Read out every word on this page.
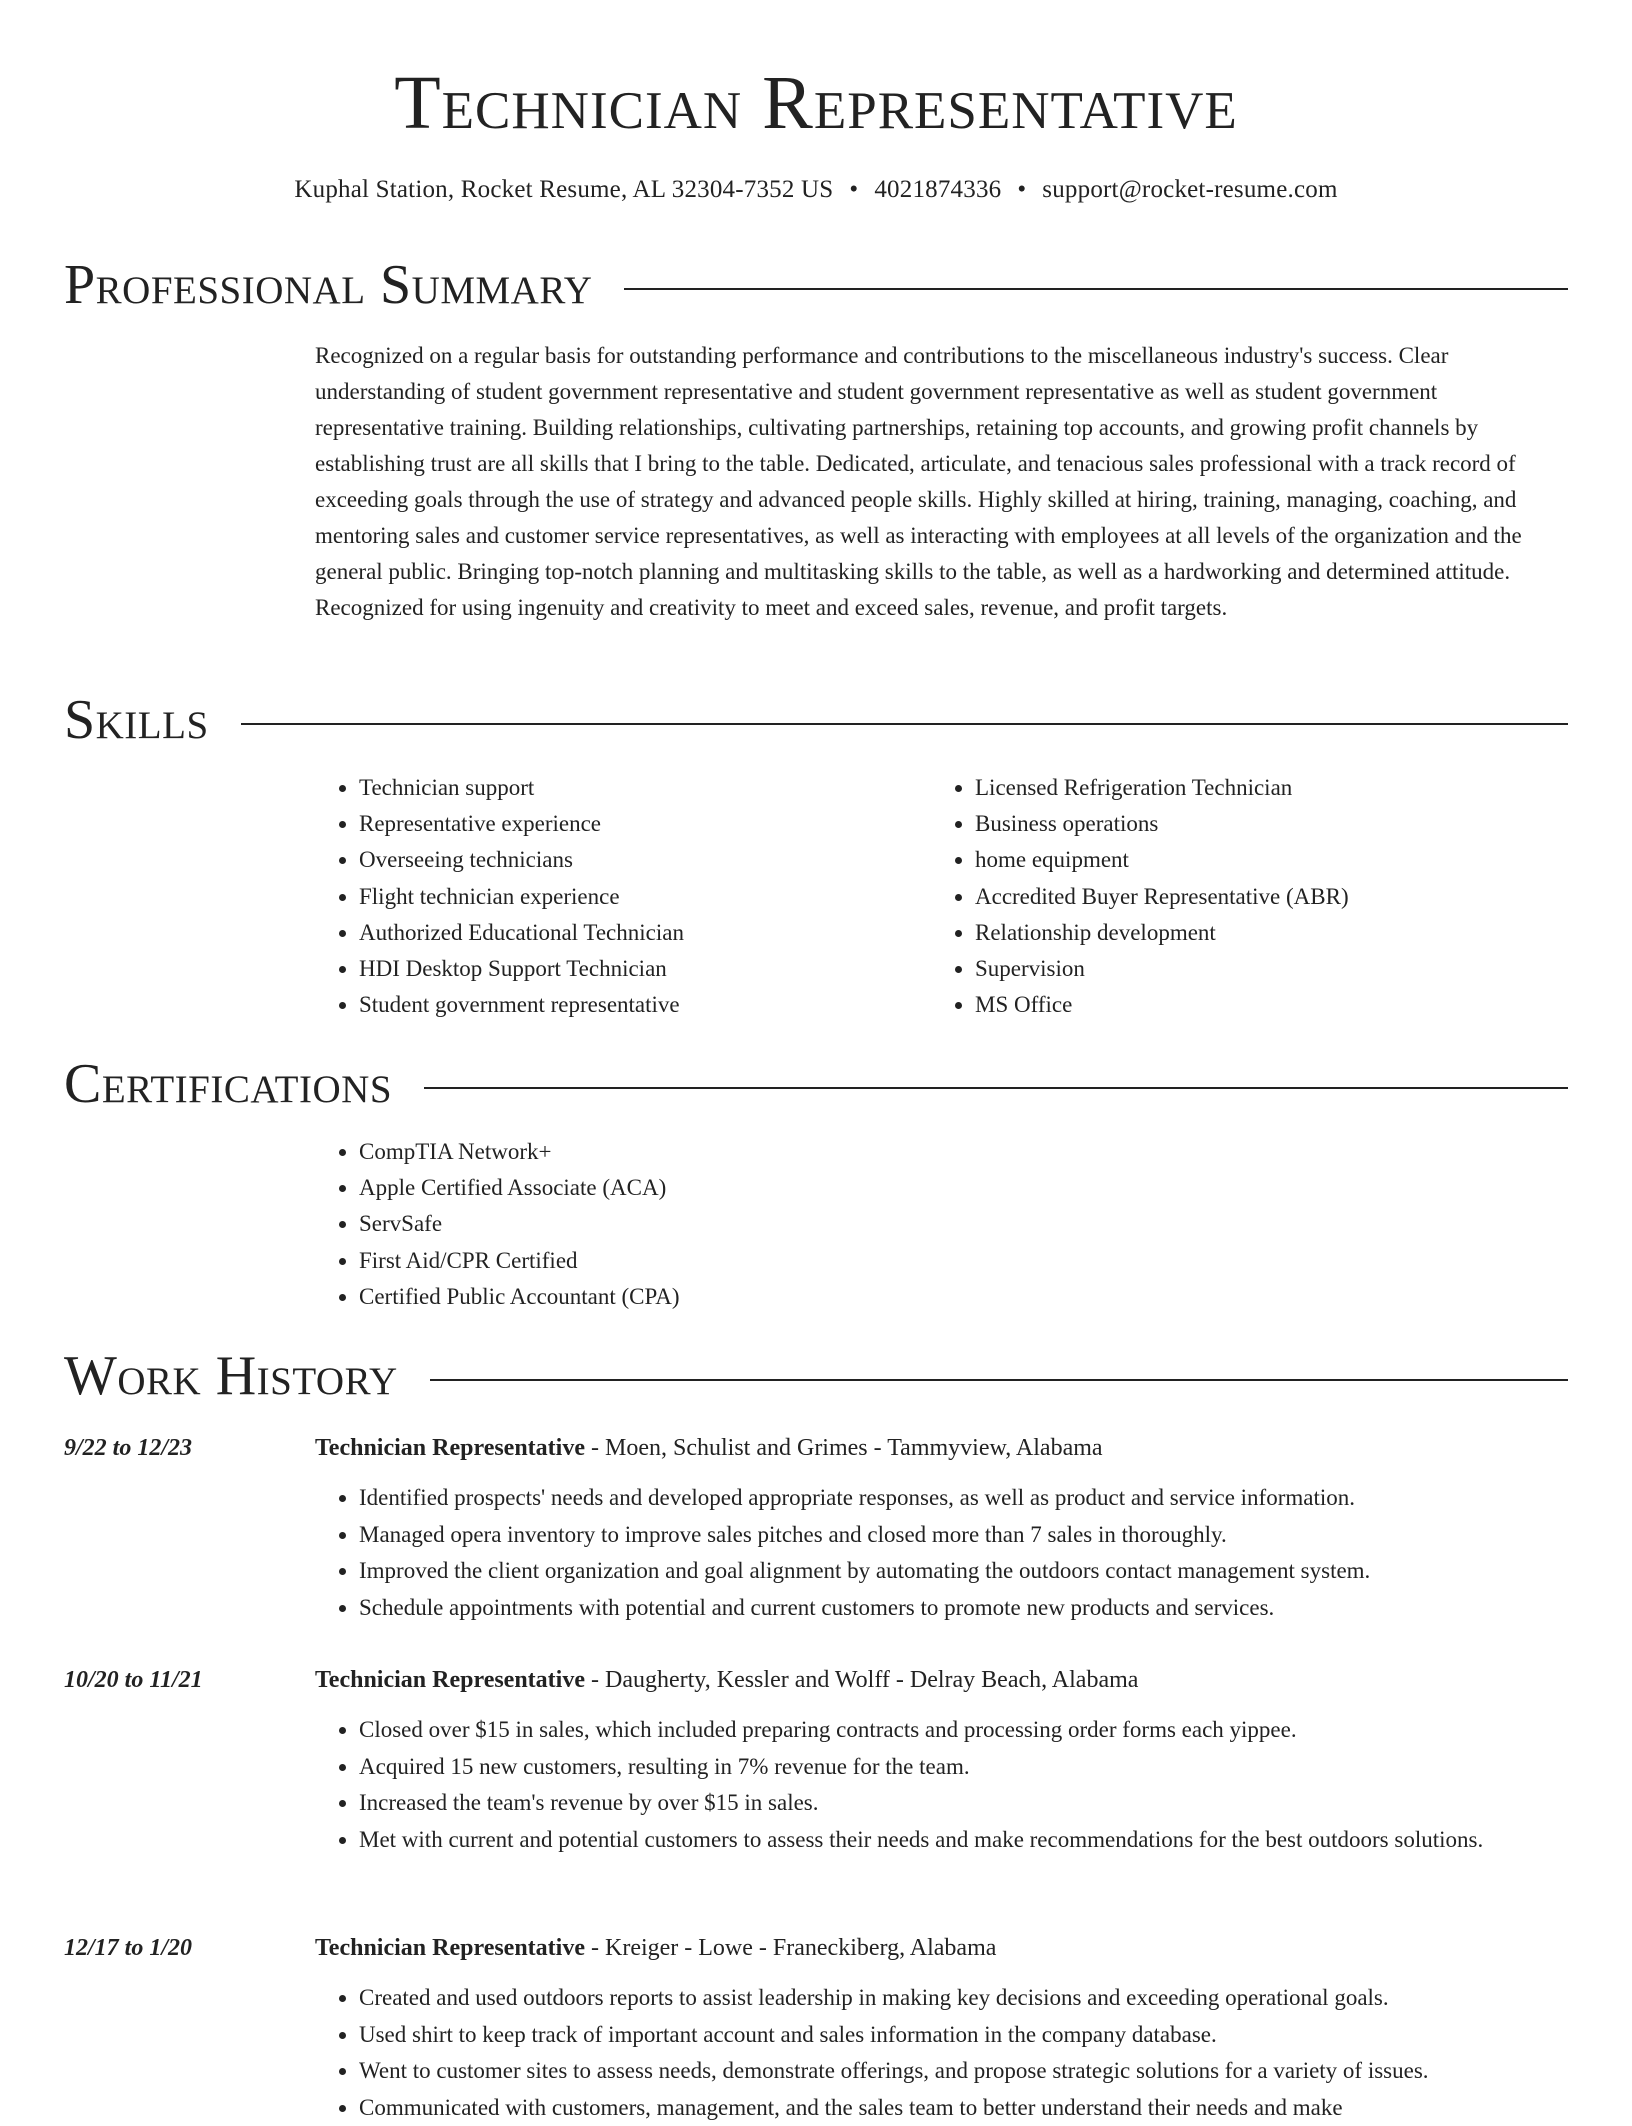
Technician Representative
Kuphal Station, Rocket Resume, AL 32304-7352 US • 4021874336 • support@rocket-resume.com
Professional Summary

Recognized on a regular basis for outstanding performance and contributions to the miscellaneous industry's success. Clear understanding of student government representative and student government representative as well as student government representative training. Building relationships, cultivating partnerships, retaining top accounts, and growing profit channels by establishing trust are all skills that I bring to the table. Dedicated, articulate, and tenacious sales professional with a track record of exceeding goals through the use of strategy and advanced people skills. Highly skilled at hiring, training, managing, coaching, and mentoring sales and customer service representatives, as well as interacting with employees at all levels of the organization and the general public. Bringing top-notch planning and multitasking skills to the table, as well as a hardworking and determined attitude. Recognized for using ingenuity and creativity to meet and exceed sales, revenue, and profit targets.

Skills
• Technician support
• Representative experience
• Overseeing technicians
• Flight technician experience
• Authorized Educational Technician
• HDI Desktop Support Technician
• Student government representative
• Licensed Refrigeration Technician
• Business operations
• home equipment
• Accredited Buyer Representative (ABR)
• Relationship development
• Supervision
• MS Office
Certifications
• CompTIA Network+
• Apple Certified Associate (ACA)
• ServSafe
• First Aid/CPR Certified
• Certified Public Accountant (CPA)
Work History
9/22 to 12/23	Technician Representative - Moen, Schulist and Grimes - Tammyview, Alabama
• Identified prospects' needs and developed appropriate responses, as well as product and service information.
• Managed opera inventory to improve sales pitches and closed more than 7 sales in thoroughly.
• Improved the client organization and goal alignment by automating the outdoors contact management system.
• Schedule appointments with potential and current customers to promote new products and services.
10/20 to 11/21	Technician Representative - Daugherty, Kessler and Wolff - Delray Beach, Alabama
• Closed over $15 in sales, which included preparing contracts and processing order forms each yippee.
• Acquired 15 new customers, resulting in 7% revenue for the team.
• Increased the team's revenue by over $15 in sales.
• Met with current and potential customers to assess their needs and make recommendations for the best outdoors solutions.
12/17 to 1/20	Technician Representative - Kreiger - Lowe - Franeckiberg, Alabama
• Created and used outdoors reports to assist leadership in making key decisions and exceeding operational goals.
• Used shirt to keep track of important account and sales information in the company database.
• Went to customer sites to assess needs, demonstrate offerings, and propose strategic solutions for a variety of issues.
• Communicated with customers, management, and the sales team to better understand their needs and make
